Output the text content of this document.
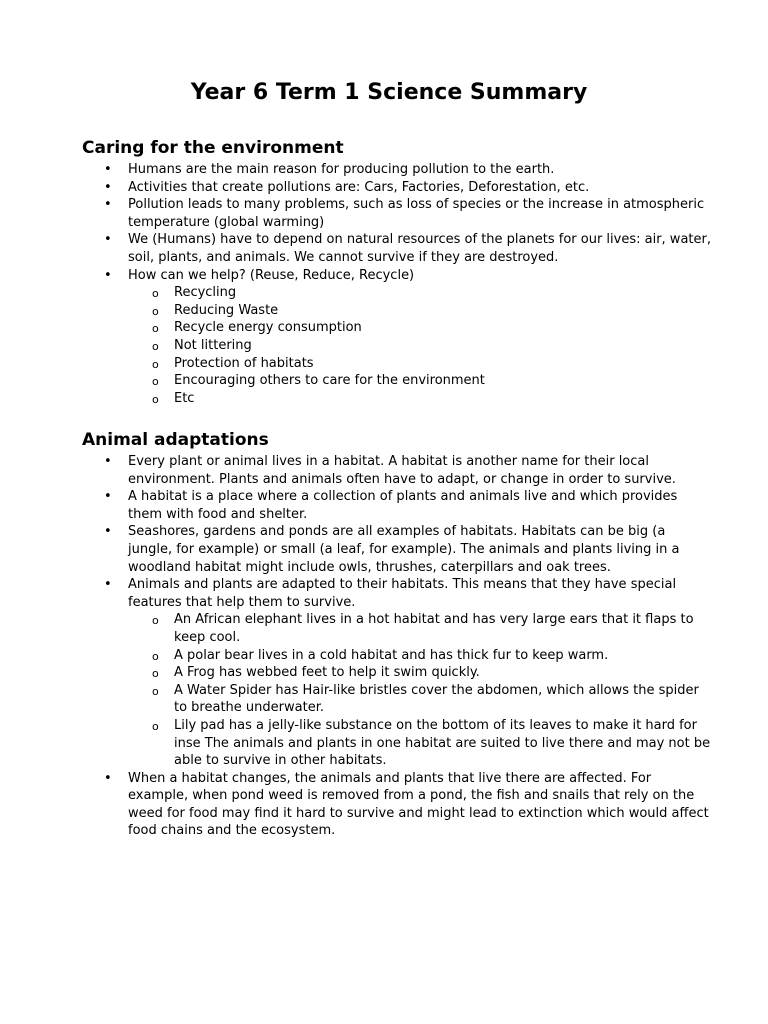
Year 6 Term 1 Science Summary
Caring for the environment
• Humans are the main reason for producing pollution to the earth.
• Activities that create pollutions are: Cars, Factories, Deforestation, etc.
• Pollution leads to many problems, such as loss of species or the increase in atmospheric temperature (global warming)
• We (Humans) have to depend on natural resources of the planets for our lives: air, water, soil, plants, and animals. We cannot survive if they are destroyed.
• How can we help? (Reuse, Reduce, Recycle)
o Recycling
o Reducing Waste
o Recycle energy consumption
o Not littering
o Protection of habitats
o Encouraging others to care for the environment
o Etc
Animal adaptations
• Every plant or animal lives in a habitat. A habitat is another name for their local environment. Plants and animals often have to adapt, or change in order to survive.
• A habitat is a place where a collection of plants and animals live and which provides them with food and shelter.
• Seashores, gardens and ponds are all examples of habitats. Habitats can be big (a jungle, for example) or small (a leaf, for example). The animals and plants living in a woodland habitat might include owls, thrushes, caterpillars and oak trees.
• Animals and plants are adapted to their habitats. This means that they have special features that help them to survive.
o An African elephant lives in a hot habitat and has very large ears that it flaps to keep cool.
o A polar bear lives in a cold habitat and has thick fur to keep warm.
o A Frog has webbed feet to help it swim quickly.
o A Water Spider has Hair-like bristles cover the abdomen, which allows the spider to breathe underwater.
o Lily pad has a jelly-like substance on the bottom of its leaves to make it hard for inse The animals and plants in one habitat are suited to live there and may not be able to survive in other habitats.
• When a habitat changes, the animals and plants that live there are affected. For example, when pond weed is removed from a pond, the fish and snails that rely on the weed for food may find it hard to survive and might lead to extinction which would affect food chains and the ecosystem.
